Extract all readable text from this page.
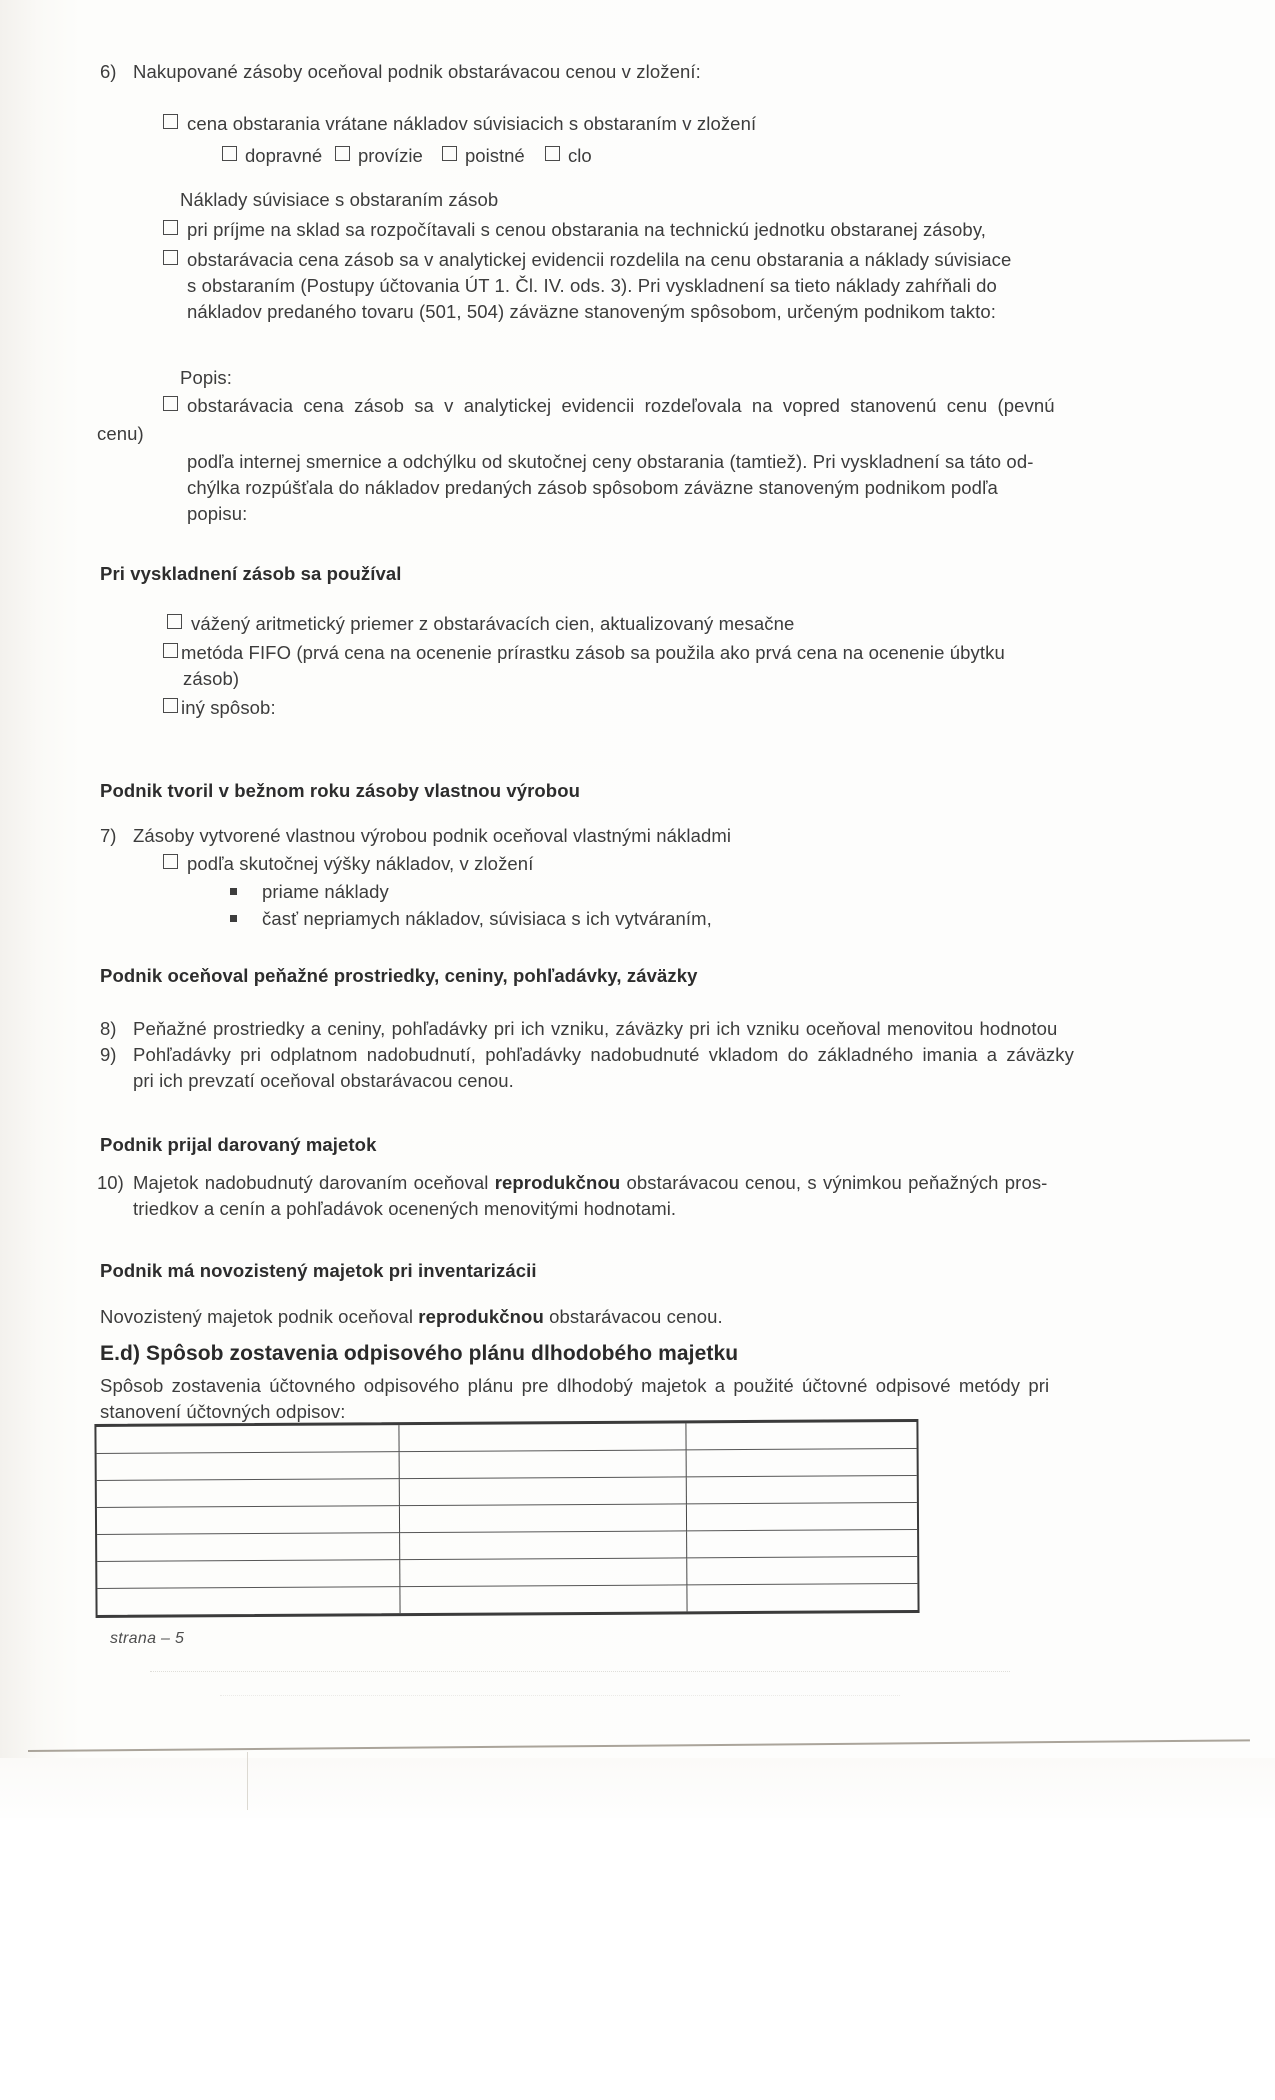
6) Nakupované zásoby oceňoval podnik obstarávacou cenou v zložení:
cena obstarania vrátane nákladov súvisiacich s obstaraním v zložení
dopravné	provízie	poistné	clo
Náklady súvisiace s obstaraním zásob
pri príjme na sklad sa rozpočítavali s cenou obstarania na technickú jednotku obstaranej zásoby,
obstarávacia cena zásob sa v analytickej evidencii rozdelila na cenu obstarania a náklady súvisiace
s obstaraním (Postupy účtovania ÚT 1. Čl. IV. ods. 3). Pri vyskladnení sa tieto náklady zahŕňali do
nákladov predaného tovaru (501, 504) záväzne stanoveným spôsobom, určeným podnikom takto:
Popis:
obstarávacia cena zásob sa v analytickej evidencii rozdeľovala na vopred stanovenú cenu (pevnú
cenu)
podľa internej smernice a odchýlku od skutočnej ceny obstarania (tamtiež). Pri vyskladnení sa táto od-
chýlka rozpúšťala do nákladov predaných zásob spôsobom záväzne stanoveným podnikom podľa
popisu:
Pri vyskladnení zásob sa používal
vážený aritmetický priemer z obstarávacích cien, aktualizovaný mesačne
metóda FIFO (prvá cena na ocenenie prírastku zásob sa použila ako prvá cena na ocenenie úbytku
zásob)
iný spôsob:
Podnik tvoril v bežnom roku zásoby vlastnou výrobou
7) Zásoby vytvorené vlastnou výrobou podnik oceňoval vlastnými nákladmi
podľa skutočnej výšky nákladov, v zložení
priame náklady
časť nepriamych nákladov, súvisiaca s ich vytváraním,
Podnik oceňoval peňažné prostriedky, ceniny, pohľadávky, záväzky
8) Peňažné prostriedky a ceniny, pohľadávky pri ich vzniku, záväzky pri ich vzniku oceňoval menovitou hodnotou
9) Pohľadávky pri odplatnom nadobudnutí, pohľadávky nadobudnuté vkladom do základného imania a záväzky
pri ich prevzatí oceňoval obstarávacou cenou.
Podnik prijal darovaný majetok
10) Majetok nadobudnutý darovaním oceňoval reprodukčnou obstarávacou cenou, s výnimkou peňažných pros-
triedkov a cenín a pohľadávok ocenených menovitými hodnotami.
Podnik má novozistený majetok pri inventarizácii
Novozistený majetok podnik oceňoval reprodukčnou obstarávacou cenou.
E.d) Spôsob zostavenia odpisového plánu dlhodobého majetku
Spôsob zostavenia účtovného odpisového plánu pre dlhodobý majetok a použité účtovné odpisové metódy pri
stanovení účtovných odpisov:
strana – 5
